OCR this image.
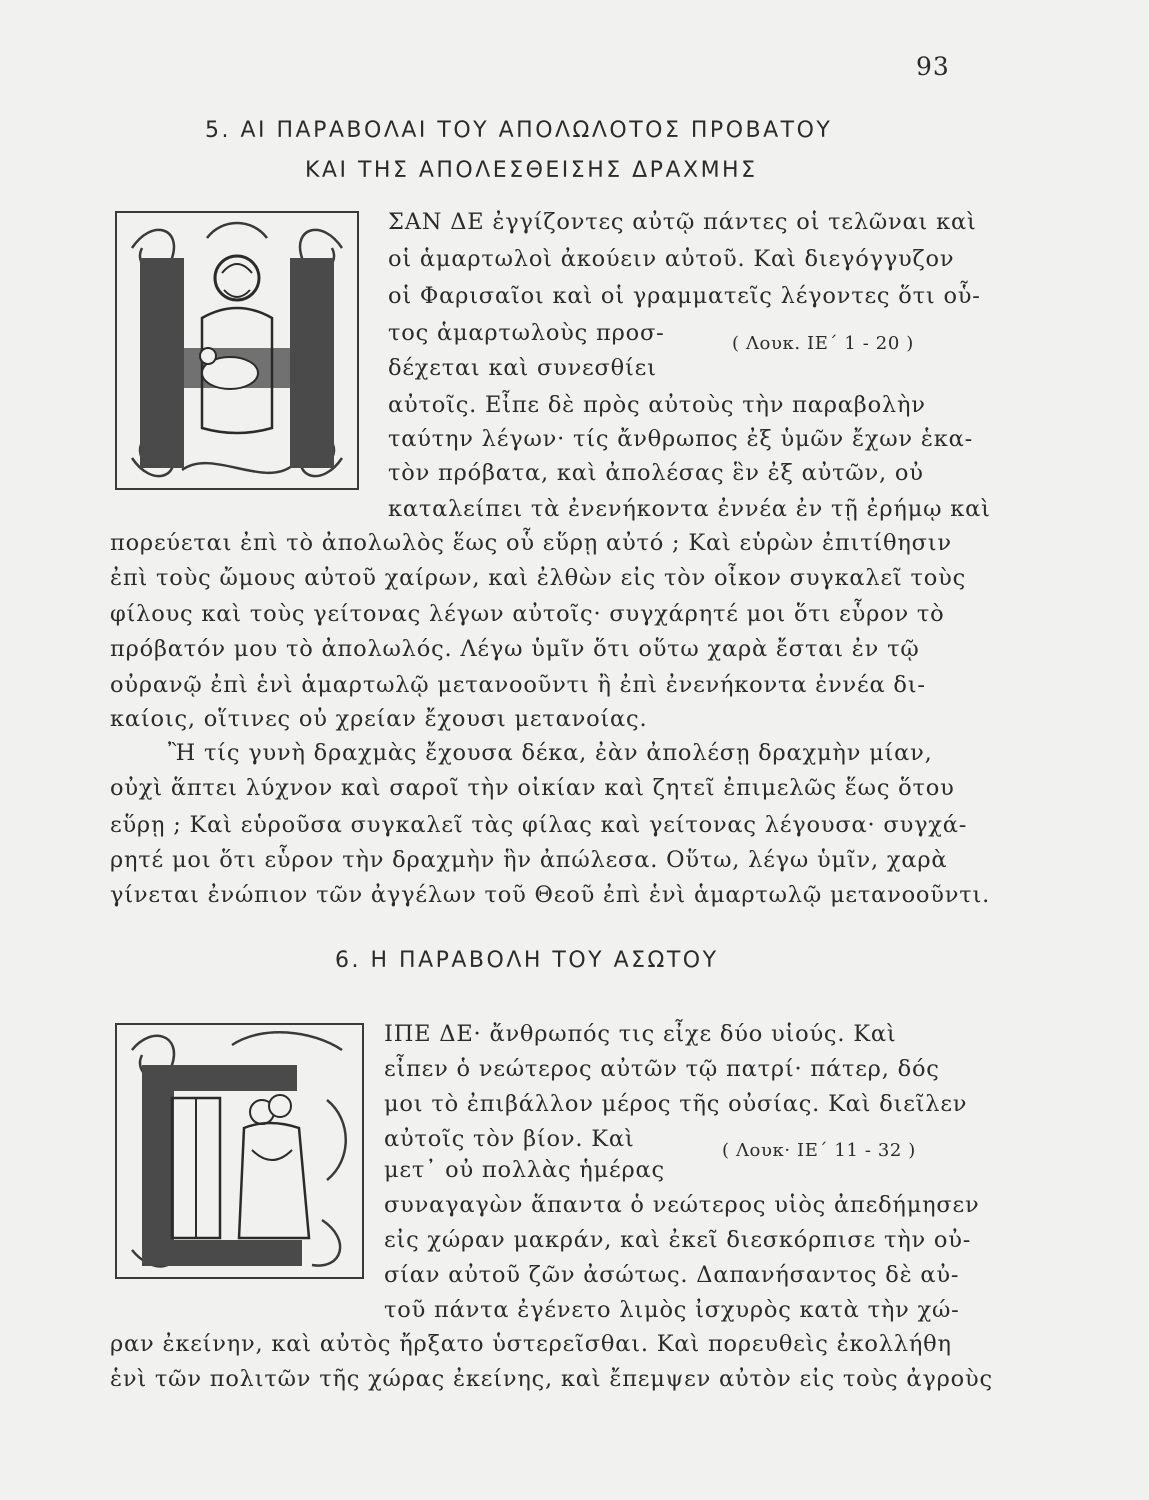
93
5. ΑΙ ΠΑΡΑΒΟΛΑΙ ΤΟΥ ΑΠΟΛΩΛΟΤΟΣ ΠΡΟΒΑΤΟΥ
ΚΑΙ ΤΗΣ ΑΠΟΛΕΣΘΕΙΣΗΣ ΔΡΑΧΜΗΣ
( Λουκ. ΙΕ΄ 1 - 20 )
ΣΑΝ ΔΕ ἐγγίζοντες αὐτῷ πάντες οἱ τελῶναι καὶ
οἱ ἁμαρτωλοὶ ἀκούειν αὐτοῦ. Καὶ διεγόγγυζον
οἱ Φαρισαῖοι καὶ οἱ γραμματεῖς λέγοντες ὅτι οὗ-
τος ἁμαρτωλοὺς προσ-
δέχεται καὶ συνεσθίει
αὐτοῖς. Εἶπε δὲ πρὸς αὐτοὺς τὴν παραβολὴν
ταύτην λέγων· τίς ἄνθρωπος ἐξ ὑμῶν ἔχων ἑκα-
τὸν πρόβατα, καὶ ἀπολέσας ἓν ἐξ αὐτῶν, οὐ
καταλείπει τὰ ἐνενήκοντα ἐννέα ἐν τῇ ἐρήμῳ καὶ
πορεύεται ἐπὶ τὸ ἀπολωλὸς ἕως οὗ εὕρῃ αὐτό ; Καὶ εὑρὼν ἐπιτίθησιν
ἐπὶ τοὺς ὤμους αὐτοῦ χαίρων, καὶ ἐλθὼν εἰς τὸν οἶκον συγκαλεῖ τοὺς
φίλους καὶ τοὺς γείτονας λέγων αὐτοῖς· συγχάρητέ μοι ὅτι εὗρον τὸ
πρόβατόν μου τὸ ἀπολωλός. Λέγω ὑμῖν ὅτι οὕτω χαρὰ ἔσται ἐν τῷ
οὐρανῷ ἐπὶ ἑνὶ ἁμαρτωλῷ μετανοοῦντι ἢ ἐπὶ ἐνενήκοντα ἐννέα δι-
καίοις, οἵτινες οὐ χρείαν ἔχουσι μετανοίας.
Ἢ τίς γυνὴ δραχμὰς ἔχουσα δέκα, ἐὰν ἀπολέσῃ δραχμὴν μίαν,
οὐχὶ ἅπτει λύχνον καὶ σαροῖ τὴν οἰκίαν καὶ ζητεῖ ἐπιμελῶς ἕως ὅτου
εὕρῃ ; Καὶ εὑροῦσα συγκαλεῖ τὰς φίλας καὶ γείτονας λέγουσα· συγχά-
ρητέ μοι ὅτι εὗρον τὴν δραχμὴν ἣν ἀπώλεσα. Οὕτω, λέγω ὑμῖν, χαρὰ
γίνεται ἐνώπιον τῶν ἀγγέλων τοῦ Θεοῦ ἐπὶ ἑνὶ ἁμαρτωλῷ μετανοοῦντι.
6. Η ΠΑΡΑΒΟΛΗ ΤΟΥ ΑΣΩΤΟΥ
( Λουκ· ΙΕ΄ 11 - 32 )
ΙΠΕ ΔΕ· ἄνθρωπός τις εἶχε δύο υἱούς. Καὶ
εἶπεν ὁ νεώτερος αὐτῶν τῷ πατρί· πάτερ, δός
μοι τὸ ἐπιβάλλον μέρος τῆς οὐσίας. Καὶ διεῖλεν
αὐτοῖς τὸν βίον. Καὶ
μετ᾽ οὐ πολλὰς ἡμέρας
συναγαγὼν ἅπαντα ὁ νεώτερος υἱὸς ἀπεδήμησεν
εἰς χώραν μακράν, καὶ ἐκεῖ διεσκόρπισε τὴν οὐ-
σίαν αὐτοῦ ζῶν ἀσώτως. Δαπανήσαντος δὲ αὐ-
τοῦ πάντα ἐγένετο λιμὸς ἰσχυρὸς κατὰ τὴν χώ-
ραν ἐκείνην, καὶ αὐτὸς ἤρξατο ὑστερεῖσθαι. Καὶ πορευθεὶς ἐκολλήθη
ἑνὶ τῶν πολιτῶν τῆς χώρας ἐκείνης, καὶ ἔπεμψεν αὐτὸν εἰς τοὺς ἀγροὺς
